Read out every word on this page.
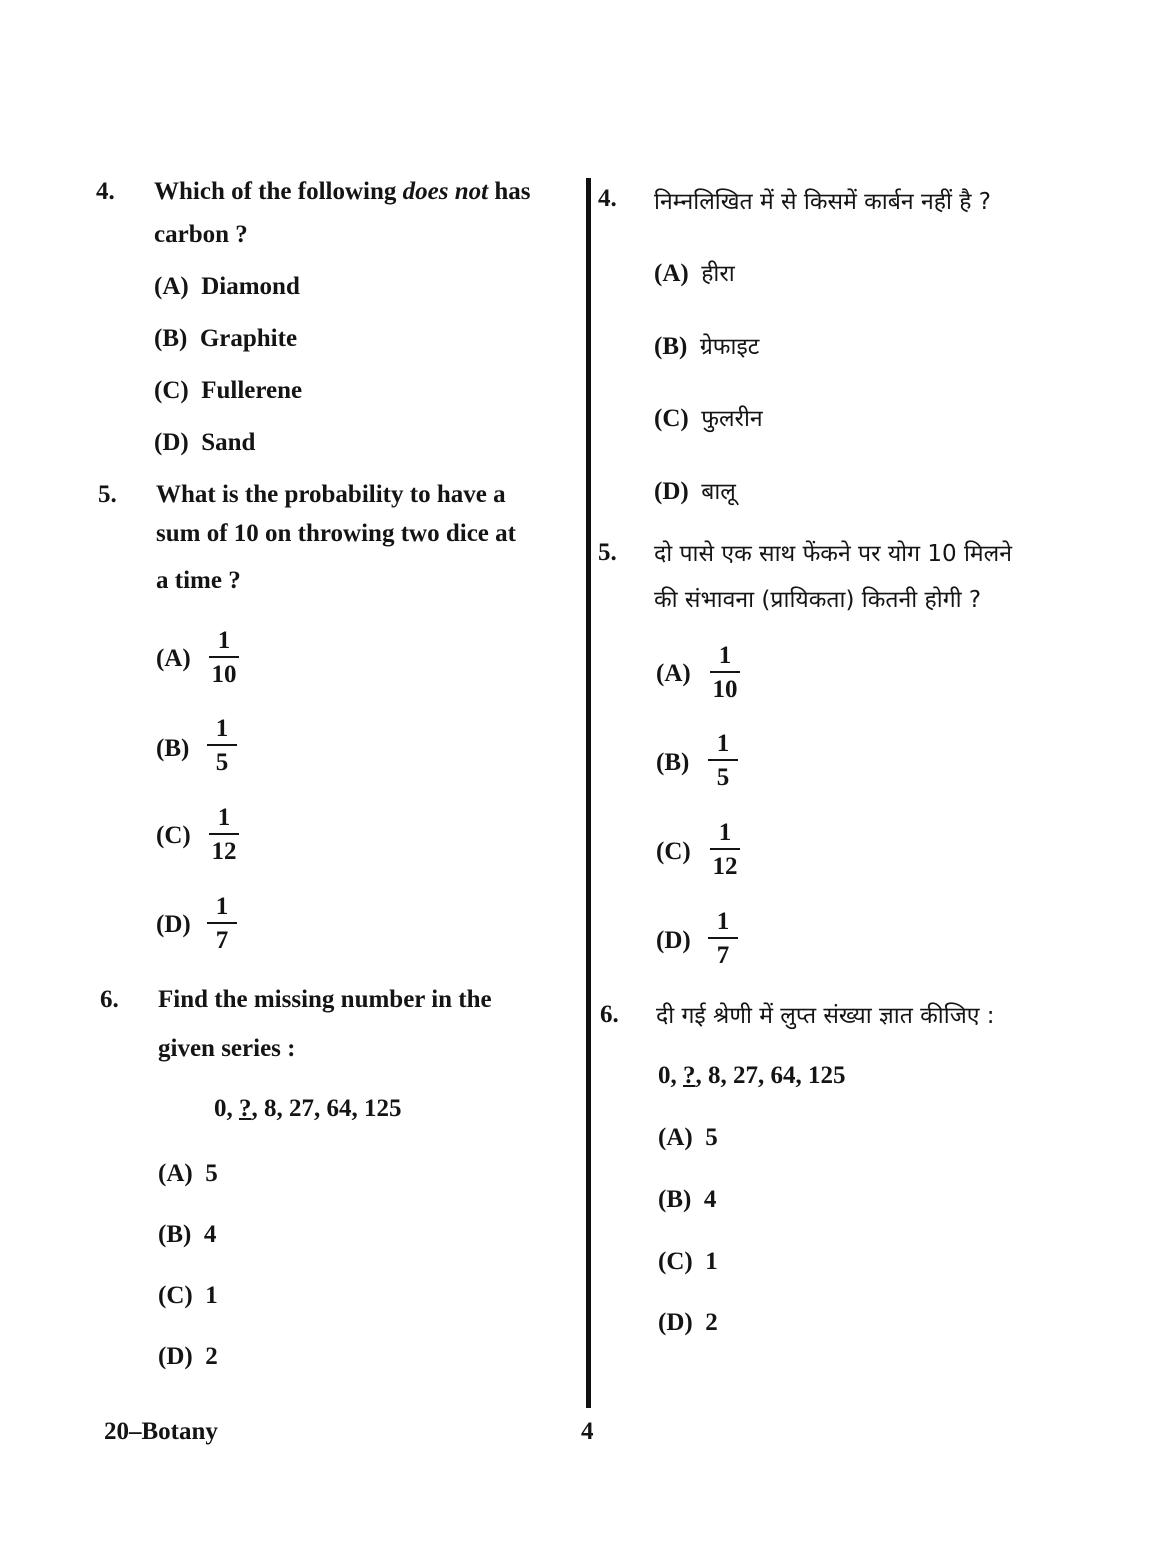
4. Which of the following does not has
carbon ?
(A) Diamond
(B) Graphite
(C) Fullerene
(D) Sand
5. What is the probability to have a
sum of 10 on throwing two dice at
a time ?
$(A) \frac{1}{10}$
$(B) \frac{1}{5}$
$(C) \frac{1}{12}$
$(D) \frac{1}{7}$
6. Find the missing number in the
given series :
0, ?, 8, 27, 64, 125
(A) 5
(B) 4
(C) 1
(D) 2
4. निम्नलिखित में से किसमें कार्बन नहीं है ?
(A) हीरा
(B) ग्रेफाइट
(C) फुलरीन
(D) बालू
5. दो पासे एक साथ फेंकने पर योग 10 मिलने
की संभावना (प्रायिकता) कितनी होगी ?
$(A) \frac{1}{10}$
$(B) \frac{1}{5}$
$(C) \frac{1}{12}$
$(D) \frac{1}{7}$
6. दी गई श्रेणी में लुप्त संख्या ज्ञात कीजिए :
0, ?, 8, 27, 64, 125
(A) 5
(B) 4
(C) 1
(D) 2
20–Botany	4
